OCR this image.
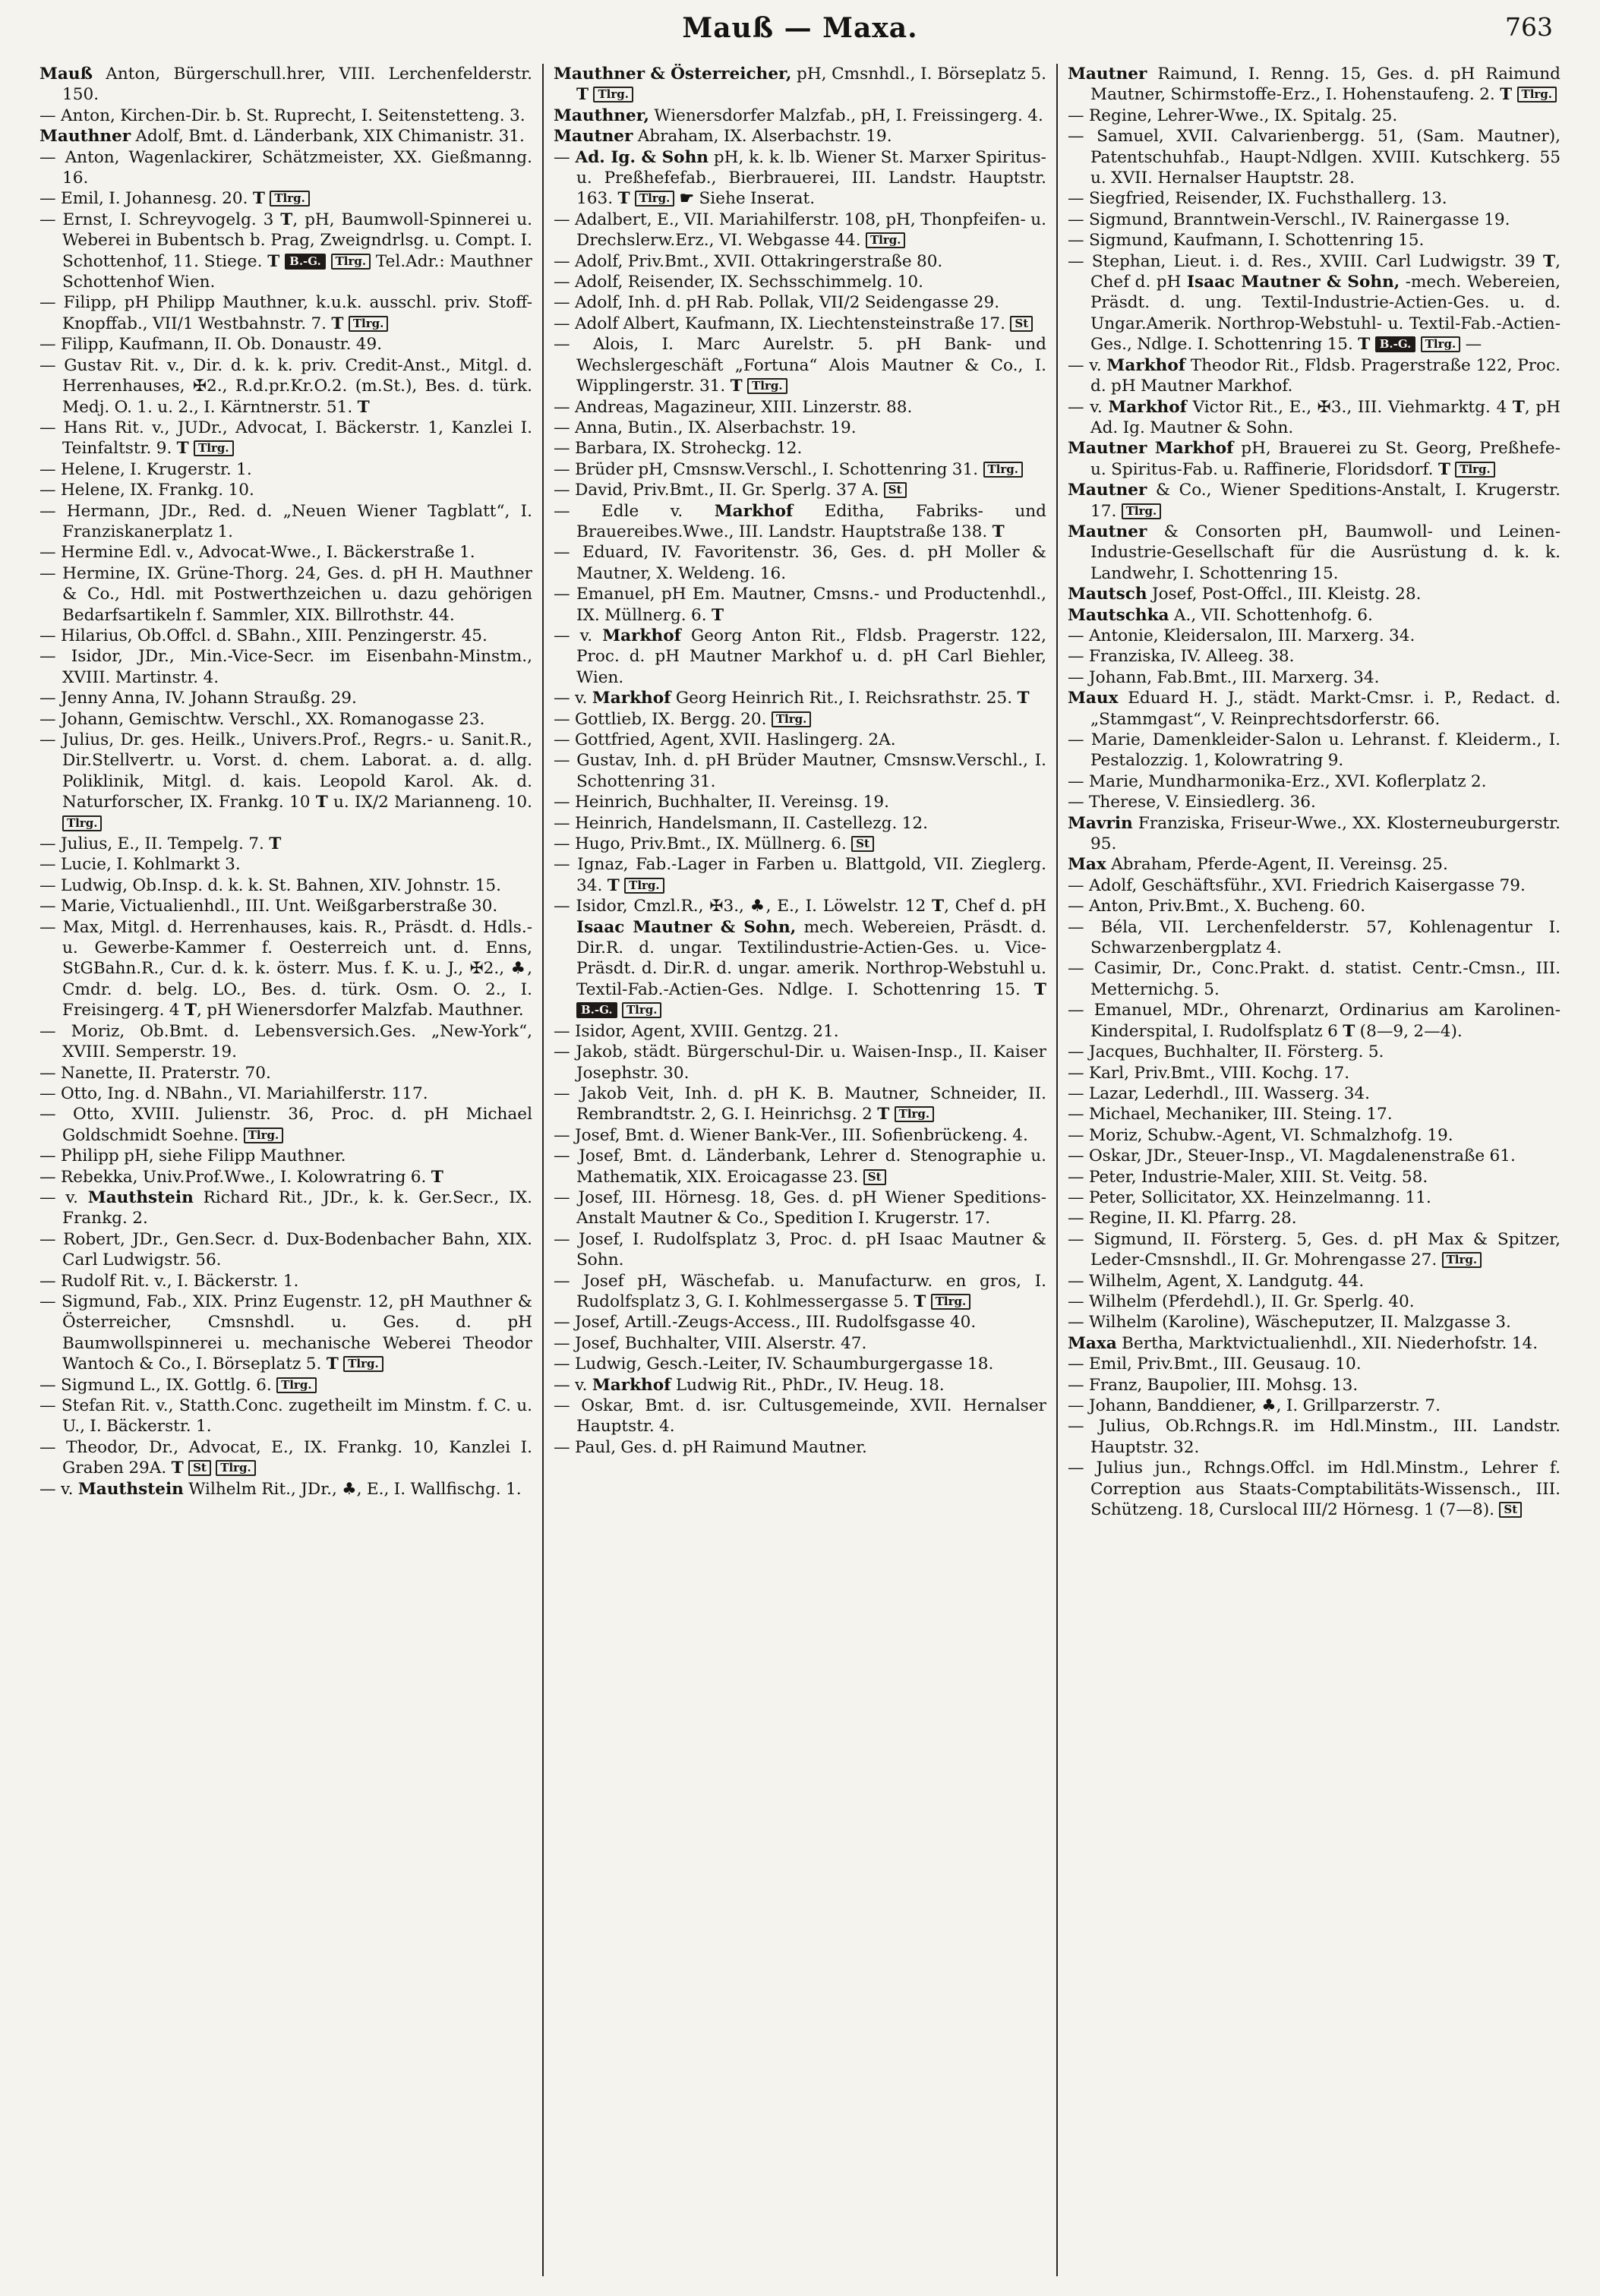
Mauß — Maxa.	763

Mauß Anton, Bürgerschull.hrer, VIII. Lerchenfelderstr. 150.

— Anton, Kirchen-Dir. b. St. Ruprecht, I. Seitenstetteng. 3.

Mauthner Adolf, Bmt. d. Länderbank, XIX Chimanistr. 31.

— Anton, Wagenlackirer, Schätzmeister, XX. Gießmanng. 16.

— Emil, I. Johannesg. 20. T Tlrg.

— Ernst, I. Schreyvogelg. 3 T, pH, Baumwoll-Spinnerei u. Weberei in Bubentsch b. Prag, Zweigndrlsg. u. Compt. I. Schottenhof, 11. Stiege. T B.-G. Tlrg. Tel.Adr.: Mauthner Schottenhof Wien.

— Filipp, pH Philipp Mauthner, k.u.k. ausschl. priv. Stoff-Knopffab., VII/1 Westbahnstr. 7. T Tlrg.

— Filipp, Kaufmann, II. Ob. Donaustr. 49.

— Gustav Rit. v., Dir. d. k. k. priv. Credit-Anst., Mitgl. d. Herrenhauses, ✠2., R.d.pr.Kr.O.2. (m.St.), Bes. d. türk. Medj. O. 1. u. 2., I. Kärntnerstr. 51. T

— Hans Rit. v., JUDr., Advocat, I. Bäckerstr. 1, Kanzlei I. Teinfaltstr. 9. T Tlrg.

— Helene, I. Krugerstr. 1.

— Helene, IX. Frankg. 10.

— Hermann, JDr., Red. d. „Neuen Wiener Tagblatt“, I. Franziskanerplatz 1.

— Hermine Edl. v., Advocat-Wwe., I. Bäckerstraße 1.

— Hermine, IX. Grüne-Thorg. 24, Ges. d. pH H. Mauthner & Co., Hdl. mit Postwerthzeichen u. dazu gehörigen Bedarfsartikeln f. Sammler, XIX. Billrothstr. 44.

— Hilarius, Ob.Offcl. d. SBahn., XIII. Penzingerstr. 45.

— Isidor, JDr., Min.-Vice-Secr. im Eisenbahn-Minstm., XVIII. Martinstr. 4.

— Jenny Anna, IV. Johann Straußg. 29.

— Johann, Gemischtw. Verschl., XX. Romanogasse 23.

— Julius, Dr. ges. Heilk., Univers.Prof., Regrs.- u. Sanit.R., Dir.Stellvertr. u. Vorst. d. chem. Laborat. a. d. allg. Poliklinik, Mitgl. d. kais. Leopold Karol. Ak. d. Naturforscher, IX. Frankg. 10 T u. IX/2 Marianneng. 10. Tlrg.

— Julius, E., II. Tempelg. 7. T

— Lucie, I. Kohlmarkt 3.

— Ludwig, Ob.Insp. d. k. k. St. Bahnen, XIV. Johnstr. 15.

— Marie, Victualienhdl., III. Unt. Weißgarberstraße 30.

— Max, Mitgl. d. Herrenhauses, kais. R., Präsdt. d. Hdls.- u. Gewerbe-Kammer f. Oesterreich unt. d. Enns, StGBahn.R., Cur. d. k. k. österr. Mus. f. K. u. J., ✠2., ♣, Cmdr. d. belg. LO., Bes. d. türk. Osm. O. 2., I. Freisingerg. 4 T, pH Wienersdorfer Malzfab. Mauthner.

— Moriz, Ob.Bmt. d. Lebensversich.Ges. „New-York“, XVIII. Semperstr. 19.

— Nanette, II. Praterstr. 70.

— Otto, Ing. d. NBahn., VI. Mariahilferstr. 117.

— Otto, XVIII. Julienstr. 36, Proc. d. pH Michael Goldschmidt Soehne. Tlrg.

— Philipp pH, siehe Filipp Mauthner.

— Rebekka, Univ.Prof.Wwe., I. Kolowratring 6. T

— v. Mauthstein Richard Rit., JDr., k. k. Ger.Secr., IX. Frankg. 2.

— Robert, JDr., Gen.Secr. d. Dux-Bodenbacher Bahn, XIX. Carl Ludwigstr. 56.

— Rudolf Rit. v., I. Bäckerstr. 1.

— Sigmund, Fab., XIX. Prinz Eugenstr. 12, pH Mauthner & Österreicher, Cmsnshdl. u. Ges. d. pH Baumwollspinnerei u. mechanische Weberei Theodor Wantoch & Co., I. Börseplatz 5. T Tlrg.

— Sigmund L., IX. Gottlg. 6. Tlrg.

— Stefan Rit. v., Statth.Conc. zugetheilt im Minstm. f. C. u. U., I. Bäckerstr. 1.

— Theodor, Dr., Advocat, E., IX. Frankg. 10, Kanzlei I. Graben 29A. T St Tlrg.

— v. Mauthstein Wilhelm Rit., JDr., ♣, E., I. Wallfischg. 1.

Mauthner & Österreicher, pH, Cmsnhdl., I. Börseplatz 5. T Tlrg.

Mauthner, Wienersdorfer Malzfab., pH, I. Freissingerg. 4.

Mautner Abraham, IX. Alserbachstr. 19.

— Ad. Ig. & Sohn pH, k. k. lb. Wiener St. Marxer Spiritus- u. Preßhefefab., Bierbrauerei, III. Landstr. Hauptstr. 163. T Tlrg. ☛ Siehe Inserat.

— Adalbert, E., VII. Mariahilferstr. 108, pH, Thonpfeifen- u. Drechslerw.Erz., VI. Webgasse 44. Tlrg.

— Adolf, Priv.Bmt., XVII. Ottakringerstraße 80.

— Adolf, Reisender, IX. Sechsschimmelg. 10.

— Adolf, Inh. d. pH Rab. Pollak, VII/2 Seidengasse 29.

— Adolf Albert, Kaufmann, IX. Liechtensteinstraße 17. St

— Alois, I. Marc Aurelstr. 5. pH Bank- und Wechslergeschäft „Fortuna“ Alois Mautner & Co., I. Wipplingerstr. 31. T Tlrg.

— Andreas, Magazineur, XIII. Linzerstr. 88.

— Anna, Butin., IX. Alserbachstr. 19.

— Barbara, IX. Stroheckg. 12.

— Brüder pH, Cmsnsw.Verschl., I. Schottenring 31. Tlrg.

— David, Priv.Bmt., II. Gr. Sperlg. 37 A. St

— Edle v. Markhof Editha, Fabriks- und Brauereibes.Wwe., III. Landstr. Hauptstraße 138. T

— Eduard, IV. Favoritenstr. 36, Ges. d. pH Moller & Mautner, X. Weldeng. 16.

— Emanuel, pH Em. Mautner, Cmsns.- und Productenhdl., IX. Müllnerg. 6. T

— v. Markhof Georg Anton Rit., Fldsb. Pragerstr. 122, Proc. d. pH Mautner Markhof u. d. pH Carl Biehler, Wien.

— v. Markhof Georg Heinrich Rit., I. Reichsrathstr. 25. T

— Gottlieb, IX. Bergg. 20. Tlrg.

— Gottfried, Agent, XVII. Haslingerg. 2A.

— Gustav, Inh. d. pH Brüder Mautner, Cmsnsw.Verschl., I. Schottenring 31.

— Heinrich, Buchhalter, II. Vereinsg. 19.

— Heinrich, Handelsmann, II. Castellezg. 12.

— Hugo, Priv.Bmt., IX. Müllnerg. 6. St

— Ignaz, Fab.-Lager in Farben u. Blattgold, VII. Zieglerg. 34. T Tlrg.

— Isidor, Cmzl.R., ✠3., ♣, E., I. Löwelstr. 12 T, Chef d. pH Isaac Mautner & Sohn, mech. Webereien, Präsdt. d. Dir.R. d. ungar. Textilindustrie-Actien-Ges. u. Vice-Präsdt. d. Dir.R. d. ungar. amerik. Northrop-Webstuhl u. Textil-Fab.-Actien-Ges. Ndlge. I. Schottenring 15. T B.-G. Tlrg.

— Isidor, Agent, XVIII. Gentzg. 21.

— Jakob, städt. Bürgerschul-Dir. u. Waisen-Insp., II. Kaiser Josephstr. 30.

— Jakob Veit, Inh. d. pH K. B. Mautner, Schneider, II. Rembrandtstr. 2, G. I. Heinrichsg. 2 T Tlrg.

— Josef, Bmt. d. Wiener Bank-Ver., III. Sofienbrückeng. 4.

— Josef, Bmt. d. Länderbank, Lehrer d. Stenographie u. Mathematik, XIX. Eroicagasse 23. St

— Josef, III. Hörnesg. 18, Ges. d. pH Wiener Speditions-Anstalt Mautner & Co., Spedition I. Krugerstr. 17.

— Josef, I. Rudolfsplatz 3, Proc. d. pH Isaac Mautner & Sohn.

— Josef pH, Wäschefab. u. Manufacturw. en gros, I. Rudolfsplatz 3, G. I. Kohlmessergasse 5. T Tlrg.

— Josef, Artill.-Zeugs-Access., III. Rudolfsgasse 40.

— Josef, Buchhalter, VIII. Alserstr. 47.

— Ludwig, Gesch.-Leiter, IV. Schaumburgergasse 18.

— v. Markhof Ludwig Rit., PhDr., IV. Heug. 18.

— Oskar, Bmt. d. isr. Cultusgemeinde, XVII. Hernalser Hauptstr. 4.

— Paul, Ges. d. pH Raimund Mautner.

Mautner Raimund, I. Renng. 15, Ges. d. pH Raimund Mautner, Schirmstoffe-Erz., I. Hohenstaufeng. 2. T Tlrg.

— Regine, Lehrer-Wwe., IX. Spitalg. 25.

— Samuel, XVII. Calvarienbergg. 51, (Sam. Mautner), Patentschuhfab., Haupt-Ndlgen. XVIII. Kutschkerg. 55 u. XVII. Hernalser Hauptstr. 28.

— Siegfried, Reisender, IX. Fuchsthallerg. 13.

— Sigmund, Branntwein-Verschl., IV. Rainergasse 19.

— Sigmund, Kaufmann, I. Schottenring 15.

— Stephan, Lieut. i. d. Res., XVIII. Carl Ludwigstr. 39 T, Chef d. pH Isaac Mautner & Sohn, -mech. Webereien, Präsdt. d. ung. Textil-Industrie-Actien-Ges. u. d. Ungar.Amerik. Northrop-Webstuhl- u. Textil-Fab.-Actien-Ges., Ndlge. I. Schottenring 15. T B.-G. Tlrg. —

— v. Markhof Theodor Rit., Fldsb. Pragerstraße 122, Proc. d. pH Mautner Markhof.

— v. Markhof Victor Rit., E., ✠3., III. Viehmarktg. 4 T, pH Ad. Ig. Mautner & Sohn.

Mautner Markhof pH, Brauerei zu St. Georg, Preßhefe- u. Spiritus-Fab. u. Raffinerie, Floridsdorf. T Tlrg.

Mautner & Co., Wiener Speditions-Anstalt, I. Krugerstr. 17. Tlrg.

Mautner & Consorten pH, Baumwoll- und Leinen-Industrie-Gesellschaft für die Ausrüstung d. k. k. Landwehr, I. Schottenring 15.

Mautsch Josef, Post-Offcl., III. Kleistg. 28.

Mautschka A., VII. Schottenhofg. 6.

— Antonie, Kleidersalon, III. Marxerg. 34.

— Franziska, IV. Alleeg. 38.

— Johann, Fab.Bmt., III. Marxerg. 34.

Maux Eduard H. J., städt. Markt-Cmsr. i. P., Redact. d. „Stammgast“, V. Reinprechtsdorferstr. 66.

— Marie, Damenkleider-Salon u. Lehranst. f. Kleiderm., I. Pestalozzig. 1, Kolowratring 9.

— Marie, Mundharmonika-Erz., XVI. Koflerplatz 2.

— Therese, V. Einsiedlerg. 36.

Mavrin Franziska, Friseur-Wwe., XX. Klosterneuburgerstr. 95.

Max Abraham, Pferde-Agent, II. Vereinsg. 25.

— Adolf, Geschäftsführ., XVI. Friedrich Kaisergasse 79.

— Anton, Priv.Bmt., X. Bucheng. 60.

— Béla, VII. Lerchenfelderstr. 57, Kohlenagentur I. Schwarzenbergplatz 4.

— Casimir, Dr., Conc.Prakt. d. statist. Centr.-Cmsn., III. Metternichg. 5.

— Emanuel, MDr., Ohrenarzt, Ordinarius am Karolinen-Kinderspital, I. Rudolfsplatz 6 T (8—9, 2—4).

— Jacques, Buchhalter, II. Försterg. 5.

— Karl, Priv.Bmt., VIII. Kochg. 17.

— Lazar, Lederhdl., III. Wasserg. 34.

— Michael, Mechaniker, III. Steing. 17.

— Moriz, Schubw.-Agent, VI. Schmalzhofg. 19.

— Oskar, JDr., Steuer-Insp., VI. Magdalenenstraße 61.

— Peter, Industrie-Maler, XIII. St. Veitg. 58.

— Peter, Sollicitator, XX. Heinzelmanng. 11.

— Regine, II. Kl. Pfarrg. 28.

— Sigmund, II. Försterg. 5, Ges. d. pH Max & Spitzer, Leder-Cmsnshdl., II. Gr. Mohrengasse 27. Tlrg.

— Wilhelm, Agent, X. Landgutg. 44.

— Wilhelm (Pferdehdl.), II. Gr. Sperlg. 40.

— Wilhelm (Karoline), Wäscheputzer, II. Malzgasse 3.

Maxa Bertha, Marktvictualienhdl., XII. Niederhofstr. 14.

— Emil, Priv.Bmt., III. Geusaug. 10.

— Franz, Baupolier, III. Mohsg. 13.

— Johann, Banddiener, ♣, I. Grillparzerstr. 7.

— Julius, Ob.Rchngs.R. im Hdl.Minstm., III. Landstr. Hauptstr. 32.

— Julius jun., Rchngs.Offcl. im Hdl.Minstm., Lehrer f. Correption aus Staats-Comptabilitäts-Wissensch., III. Schützeng. 18, Curslocal III/2 Hörnesg. 1 (7—8). St
